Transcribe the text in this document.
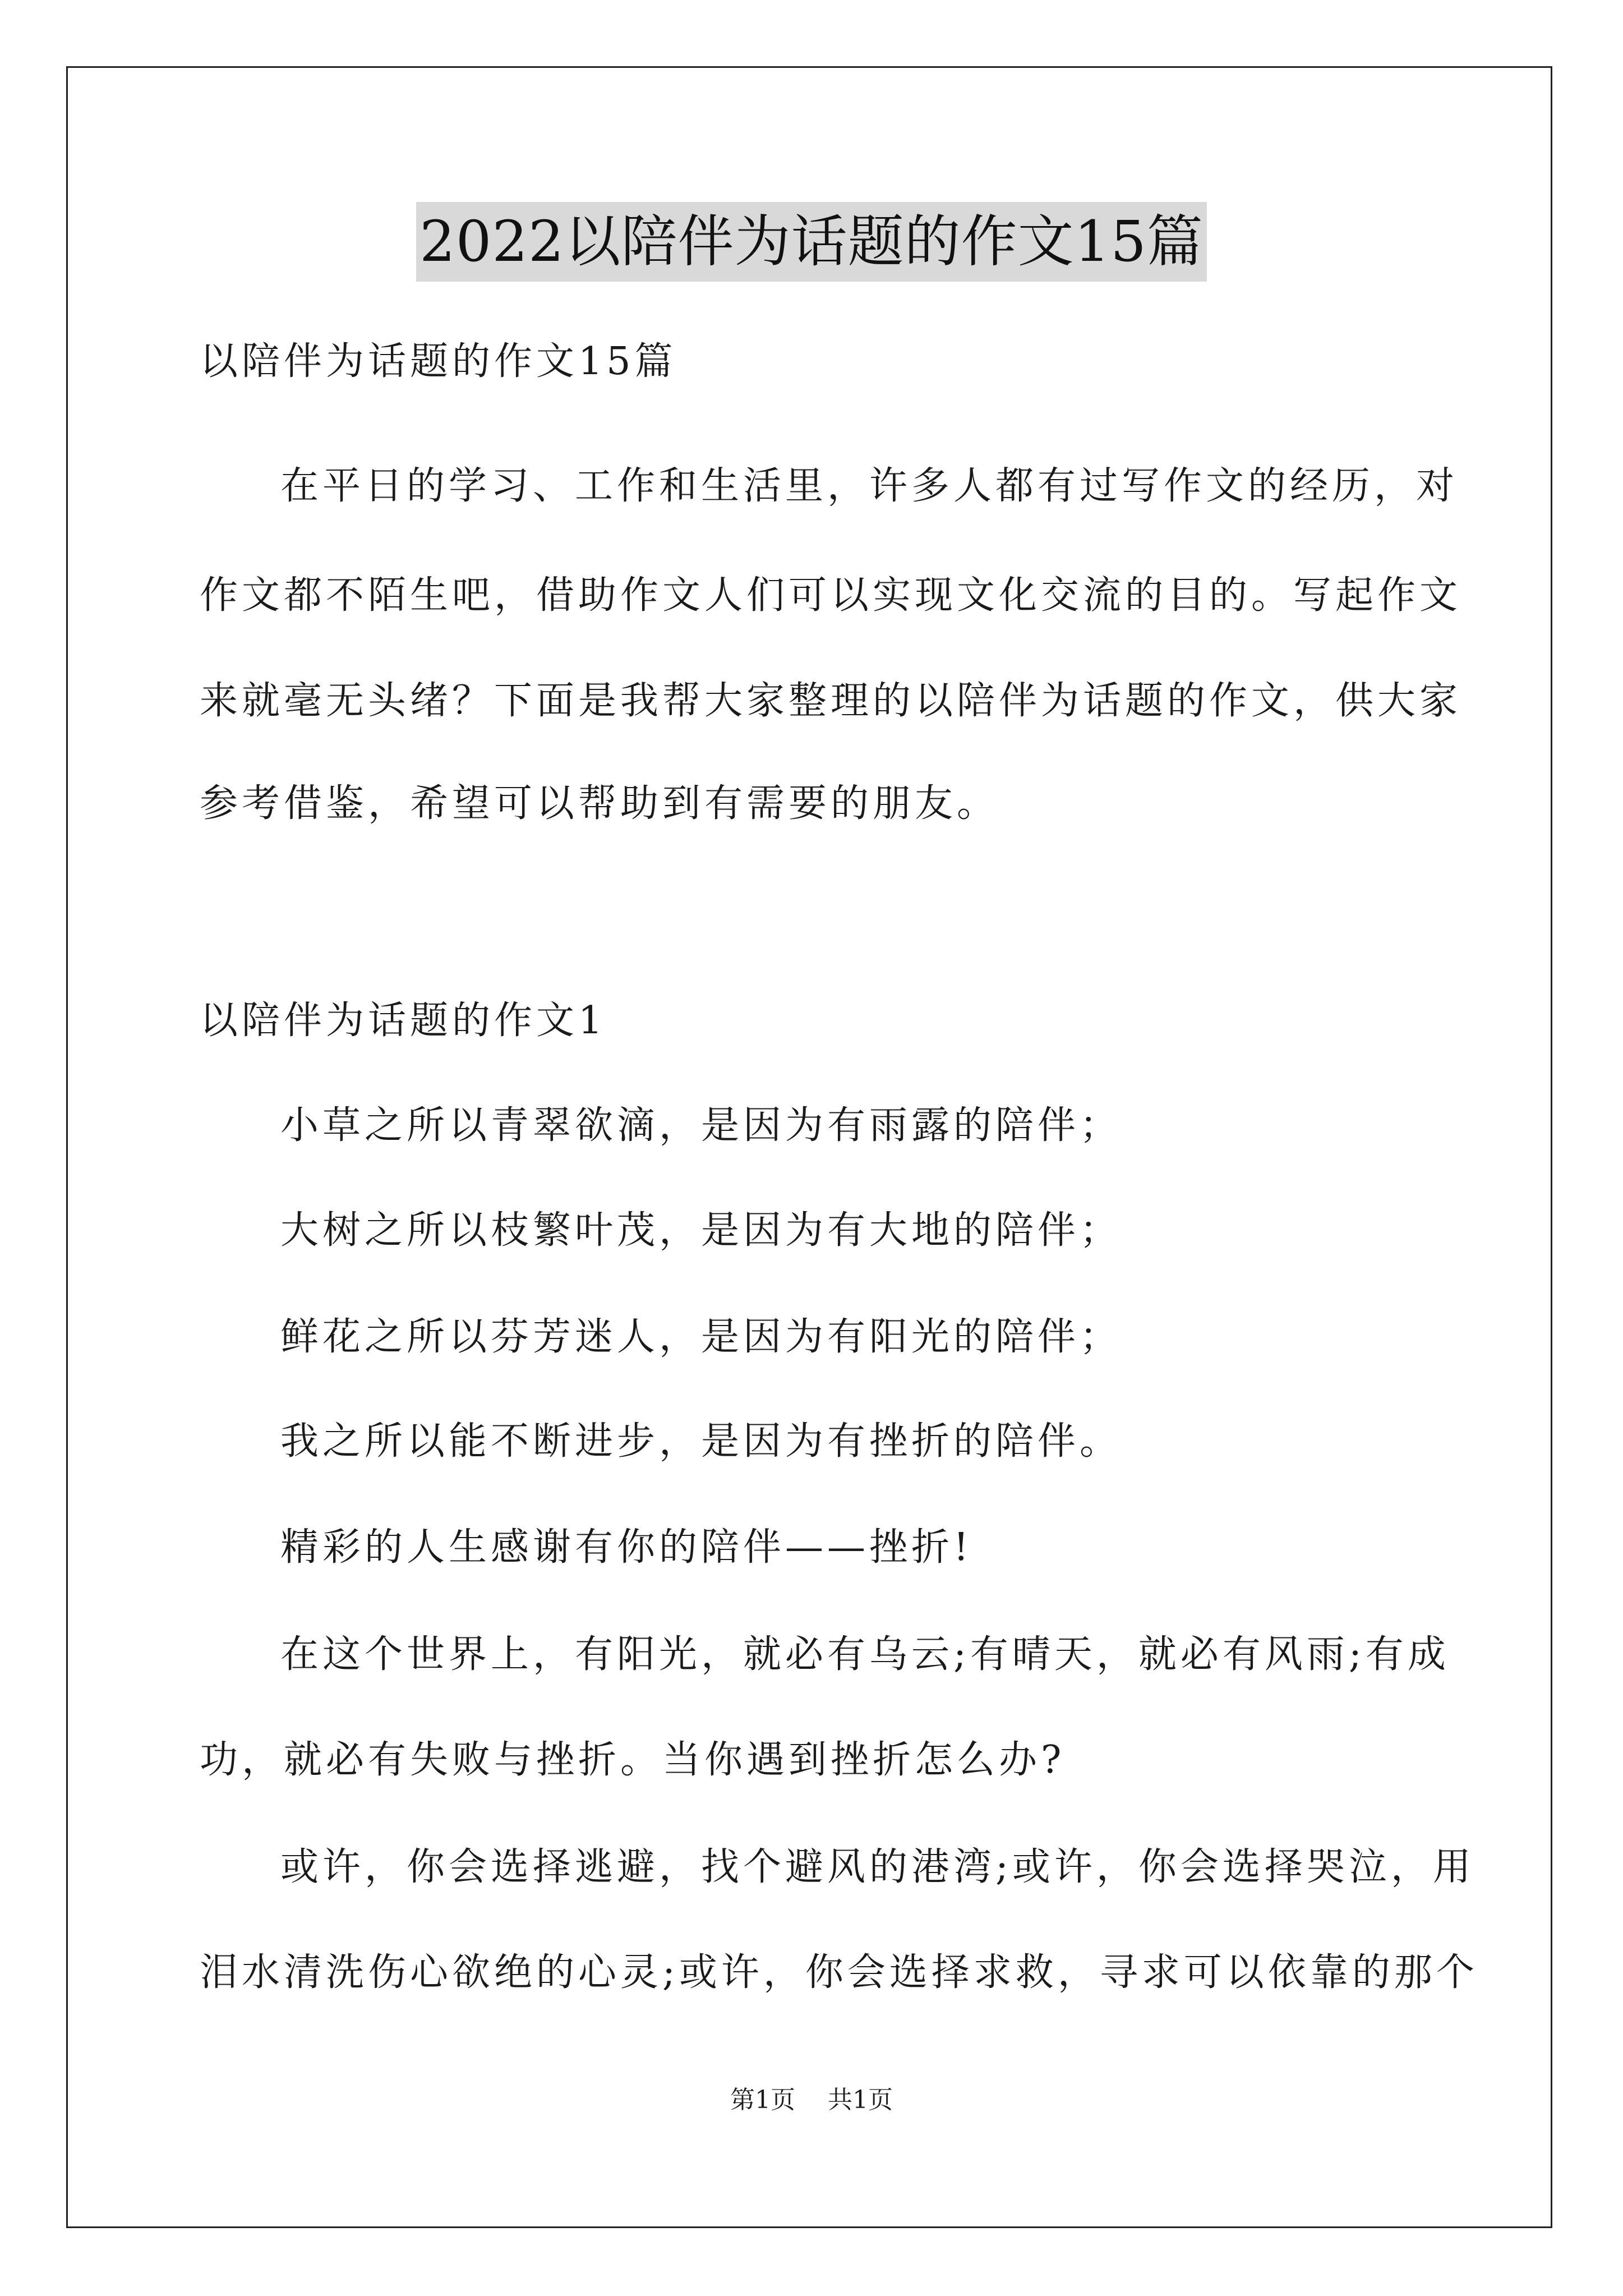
2022以陪伴为话题的作文15篇
以陪伴为话题的作文15篇
在平日的学习、工作和生活里，许多人都有过写作文的经历，对
作文都不陌生吧，借助作文人们可以实现文化交流的目的。写起作文
来就毫无头绪？下面是我帮大家整理的以陪伴为话题的作文，供大家
参考借鉴，希望可以帮助到有需要的朋友。
以陪伴为话题的作文1
小草之所以青翠欲滴，是因为有雨露的陪伴；
大树之所以枝繁叶茂，是因为有大地的陪伴；
鲜花之所以芬芳迷人，是因为有阳光的陪伴；
我之所以能不断进步，是因为有挫折的陪伴。
精彩的人生感谢有你的陪伴——挫折!
在这个世界上，有阳光，就必有乌云;有晴天，就必有风雨;有成
功，就必有失败与挫折。当你遇到挫折怎么办?
或许，你会选择逃避，找个避风的港湾;或许，你会选择哭泣，用
泪水清洗伤心欲绝的心灵;或许，你会选择求救，寻求可以依靠的那个
第1页 共1页
